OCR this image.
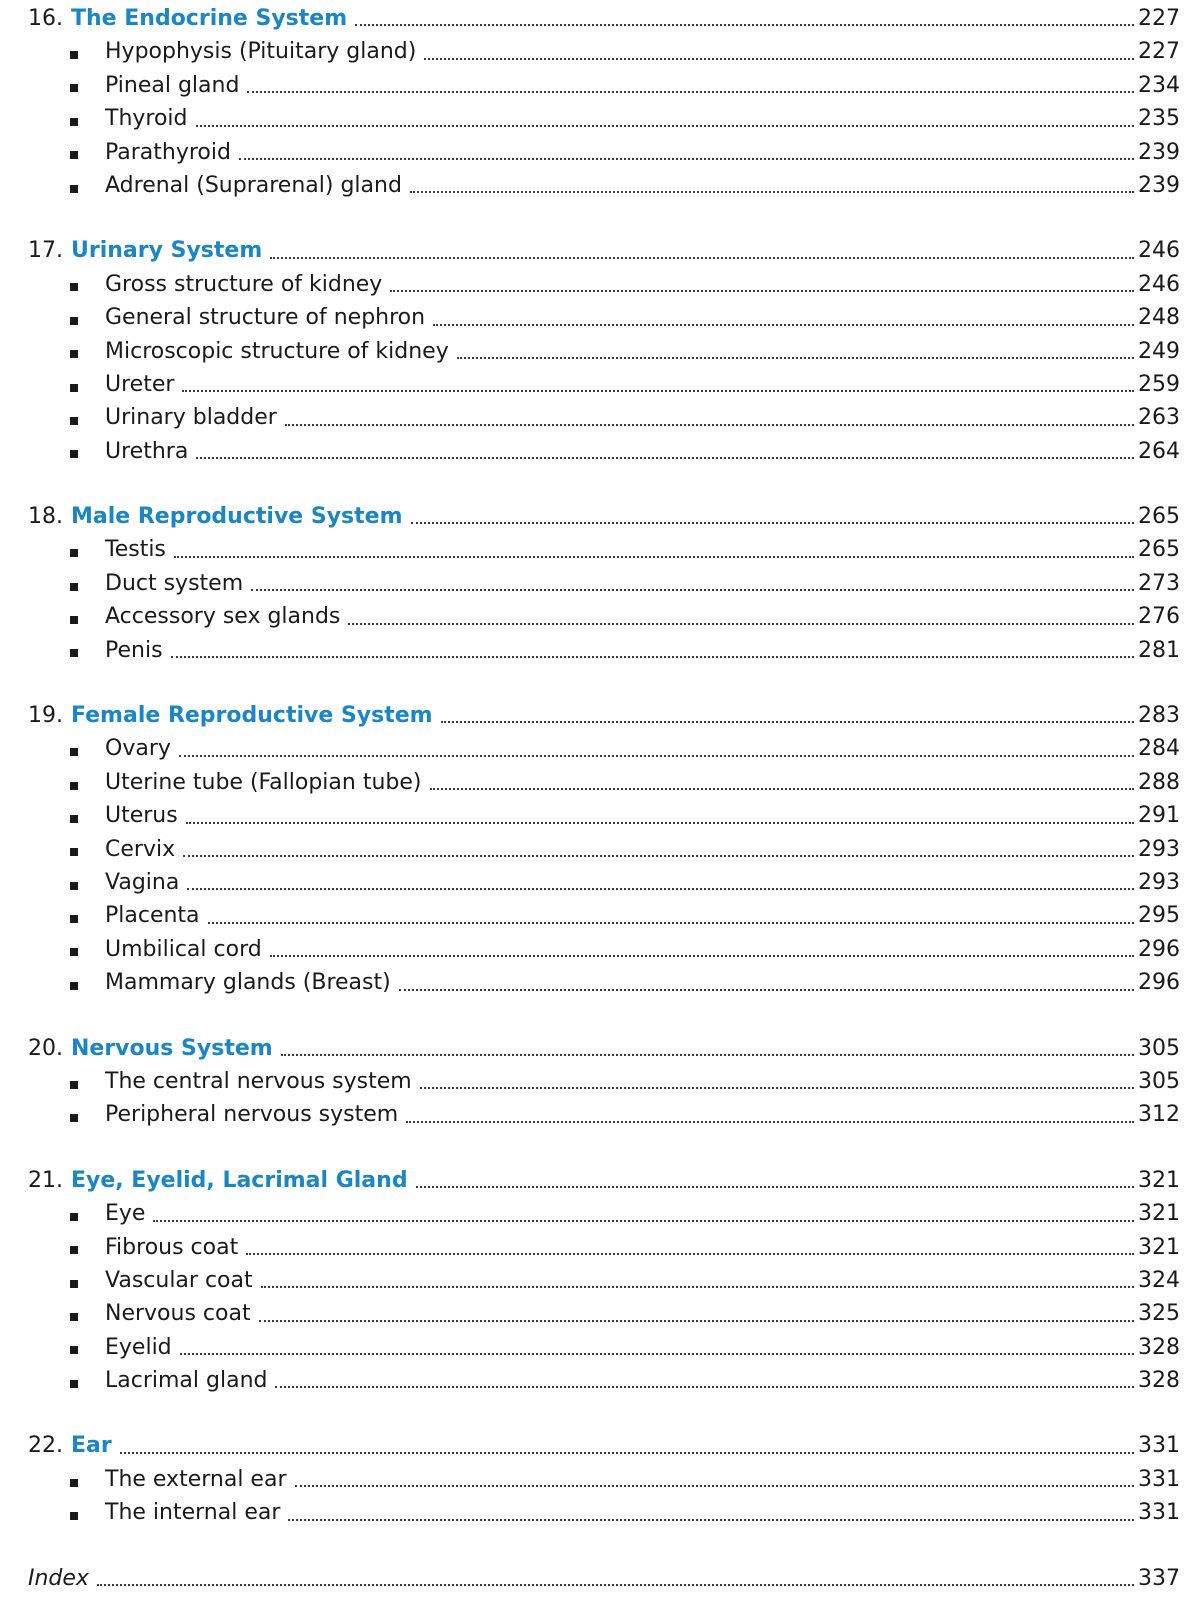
16. The Endocrine System	227
Hypophysis (Pituitary gland)	227
Pineal gland	234
Thyroid	235
Parathyroid	239
Adrenal (Suprarenal) gland	239
17. Urinary System	246
Gross structure of kidney	246
General structure of nephron	248
Microscopic structure of kidney	249
Ureter	259
Urinary bladder	263
Urethra	264
18. Male Reproductive System	265
Testis	265
Duct system	273
Accessory sex glands	276
Penis	281
19. Female Reproductive System	283
Ovary	284
Uterine tube (Fallopian tube)	288
Uterus	291
Cervix	293
Vagina	293
Placenta	295
Umbilical cord	296
Mammary glands (Breast)	296
20. Nervous System	305
The central nervous system	305
Peripheral nervous system	312
21. Eye, Eyelid, Lacrimal Gland	321
Eye	321
Fibrous coat	321
Vascular coat	324
Nervous coat	325
Eyelid	328
Lacrimal gland	328
22. Ear	331
The external ear	331
The internal ear	331
Index	337
